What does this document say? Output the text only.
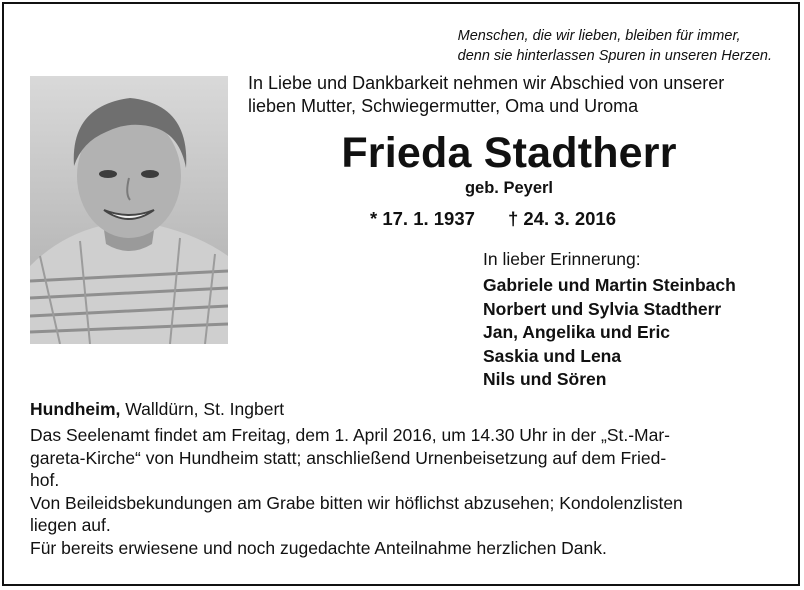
Menschen, die wir lieben, bleiben für immer,
denn sie hinterlassen Spuren in unseren Herzen.
In Liebe und Dankbarkeit nehmen wir Abschied von unserer
lieben Mutter, Schwiegermutter, Oma und Uroma
Frieda Stadtherr
geb. Peyerl
* 17. 1. 1937 † 24. 3. 2016
In lieber Erinnerung:
Gabriele und Martin Steinbach
Norbert und Sylvia Stadtherr
Jan, Angelika und Eric
Saskia und Lena
Nils und Sören
Hundheim, Walldürn, St. Ingbert

Das Seelenamt findet am Freitag, dem 1. April 2016, um 14.30 Uhr in der „St.-Mar-

gareta-Kirche“ von Hundheim statt; anschließend Urnenbeisetzung auf dem Fried-

hof.

Von Beileidsbekundungen am Grabe bitten wir höflichst abzusehen; Kondolenzlisten

liegen auf.

Für bereits erwiesene und noch zugedachte Anteilnahme herzlichen Dank.
